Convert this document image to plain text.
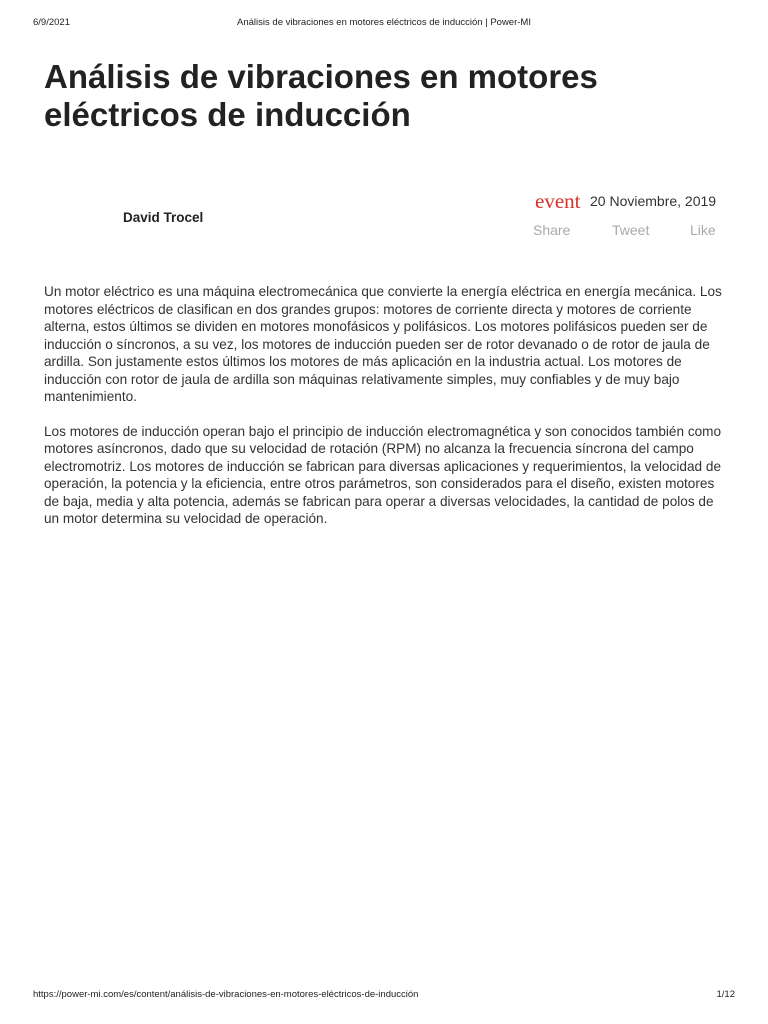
6/9/2021	Análisis de vibraciones en motores eléctricos de inducción | Power-MI
Análisis de vibraciones en motores eléctricos de inducción
David Trocel
event 20 Noviembre, 2019
Share	Tweet	Like

Un motor eléctrico es una máquina electromecánica que convierte la energía eléctrica en energía mecánica. Los motores eléctricos de clasifican en dos grandes grupos: motores de corriente directa y motores de corriente alterna, estos últimos se dividen en motores monofásicos y polifásicos. Los motores polifásicos pueden ser de inducción o síncronos, a su vez, los motores de inducción pueden ser de rotor devanado o de rotor de jaula de ardilla. Son justamente estos últimos los motores de más aplicación en la industria actual. Los motores de inducción con rotor de jaula de ardilla son máquinas relativamente simples, muy confiables y de muy bajo mantenimiento.

Los motores de inducción operan bajo el principio de inducción electromagnética y son conocidos también como motores asíncronos, dado que su velocidad de rotación (RPM) no alcanza la frecuencia síncrona del campo electromotriz. Los motores de inducción se fabrican para diversas aplicaciones y requerimientos, la velocidad de operación, la potencia y la eficiencia, entre otros parámetros, son considerados para el diseño, existen motores de baja, media y alta potencia, además se fabrican para operar a diversas velocidades, la cantidad de polos de un motor determina su velocidad de operación.

https://power-mi.com/es/content/análisis-de-vibraciones-en-motores-eléctricos-de-inducción	1/12
